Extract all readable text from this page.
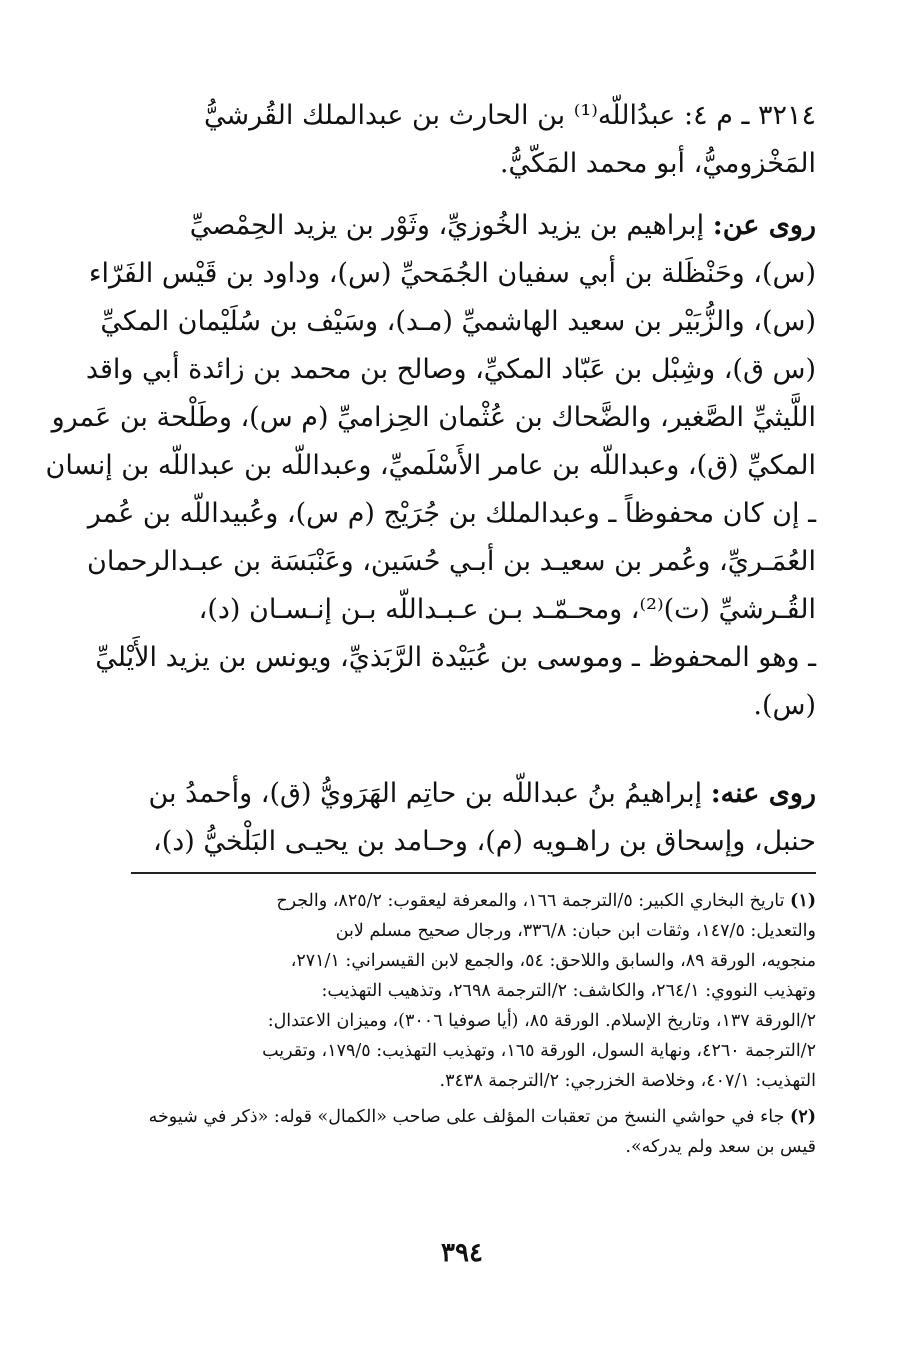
٣٢١٤ ـ م ٤: عبدُاللّه⁽¹⁾ بن الحارث بن عبدالملك القُرشيُّ
المَخْزوميُّ، أبو محمد المَكّيُّ.
روى عن: إبراهيم بن يزيد الخُوزيِّ، وثَوْر بن يزيد الحِمْصيِّ
(س)، وحَنْظَلة بن أبي سفيان الجُمَحيِّ (س)، وداود بن قَيْس الفَرّاء
(س)، والزُّبَيْر بن سعيد الهاشميِّ (مـد)، وسَيْف بن سُلَيْمان المكيِّ
(س ق)، وشِبْل بن عَبّاد المكيِّ، وصالح بن محمد بن زائدة أبي واقد
اللَّيثيِّ الصَّغير، والضَّحاك بن عُثْمان الحِزاميِّ (م س)، وطَلْحة بن عَمرو
المكيِّ (ق)، وعبداللّه بن عامر الأَسْلَميِّ، وعبداللّه بن عبداللّه بن إنسان
ـ إن كان محفوظاً ـ وعبدالملك بن جُرَيْج (م س)، وعُبيداللّه بن عُمر
العُمَـريِّ، وعُمر بن سعيـد بن أبـي حُسَين، وعَنْبَسَة بن عبـدالرحمان
القُـرشيِّ (ت)⁽²⁾، ومحـمّـد بـن عـبـداللّه بـن إنـسـان (د)،
ـ وهو المحفوظ ـ وموسى بن عُبَيْدة الرَّبَذيِّ، ويونس بن يزيد الأَيْليِّ
(س).
روى عنه: إبراهيمُ بنُ عبداللّه بن حاتِم الهَرَويُّ (ق)، وأحمدُ بن
حنبل، وإسحاق بن راهـويه (م)، وحـامد بن يحيـى البَلْخيُّ (د)،
(١) تاريخ البخاري الكبير: ٥/الترجمة ١٦٦، والمعرفة ليعقوب: ٨٢٥/٢، والجرح
والتعديل: ١٤٧/٥، وثقات ابن حبان: ٣٣٦/٨، ورجال صحيح مسلم لابن
منجويه، الورقة ٨٩، والسابق واللاحق: ٥٤، والجمع لابن القيسراني: ٢٧١/١،
وتهذيب النووي: ٢٦٤/١، والكاشف: ٢/الترجمة ٢٦٩٨، وتذهيب التهذيب:
٢/الورقة ١٣٧، وتاريخ الإسلام. الورقة ٨٥، (أيا صوفيا ٣٠٠٦)، وميزان الاعتدال:
٢/الترجمة ٤٢٦٠، ونهاية السول، الورقة ١٦٥، وتهذيب التهذيب: ١٧٩/٥، وتقريب
التهذيب: ٤٠٧/١، وخلاصة الخزرجي: ٢/الترجمة ٣٤٣٨.
(٢) جاء في حواشي النسخ من تعقبات المؤلف على صاحب «الكمال» قوله: «ذكر في شيوخه
قيس بن سعد ولم يدركه».
٣٩٤
